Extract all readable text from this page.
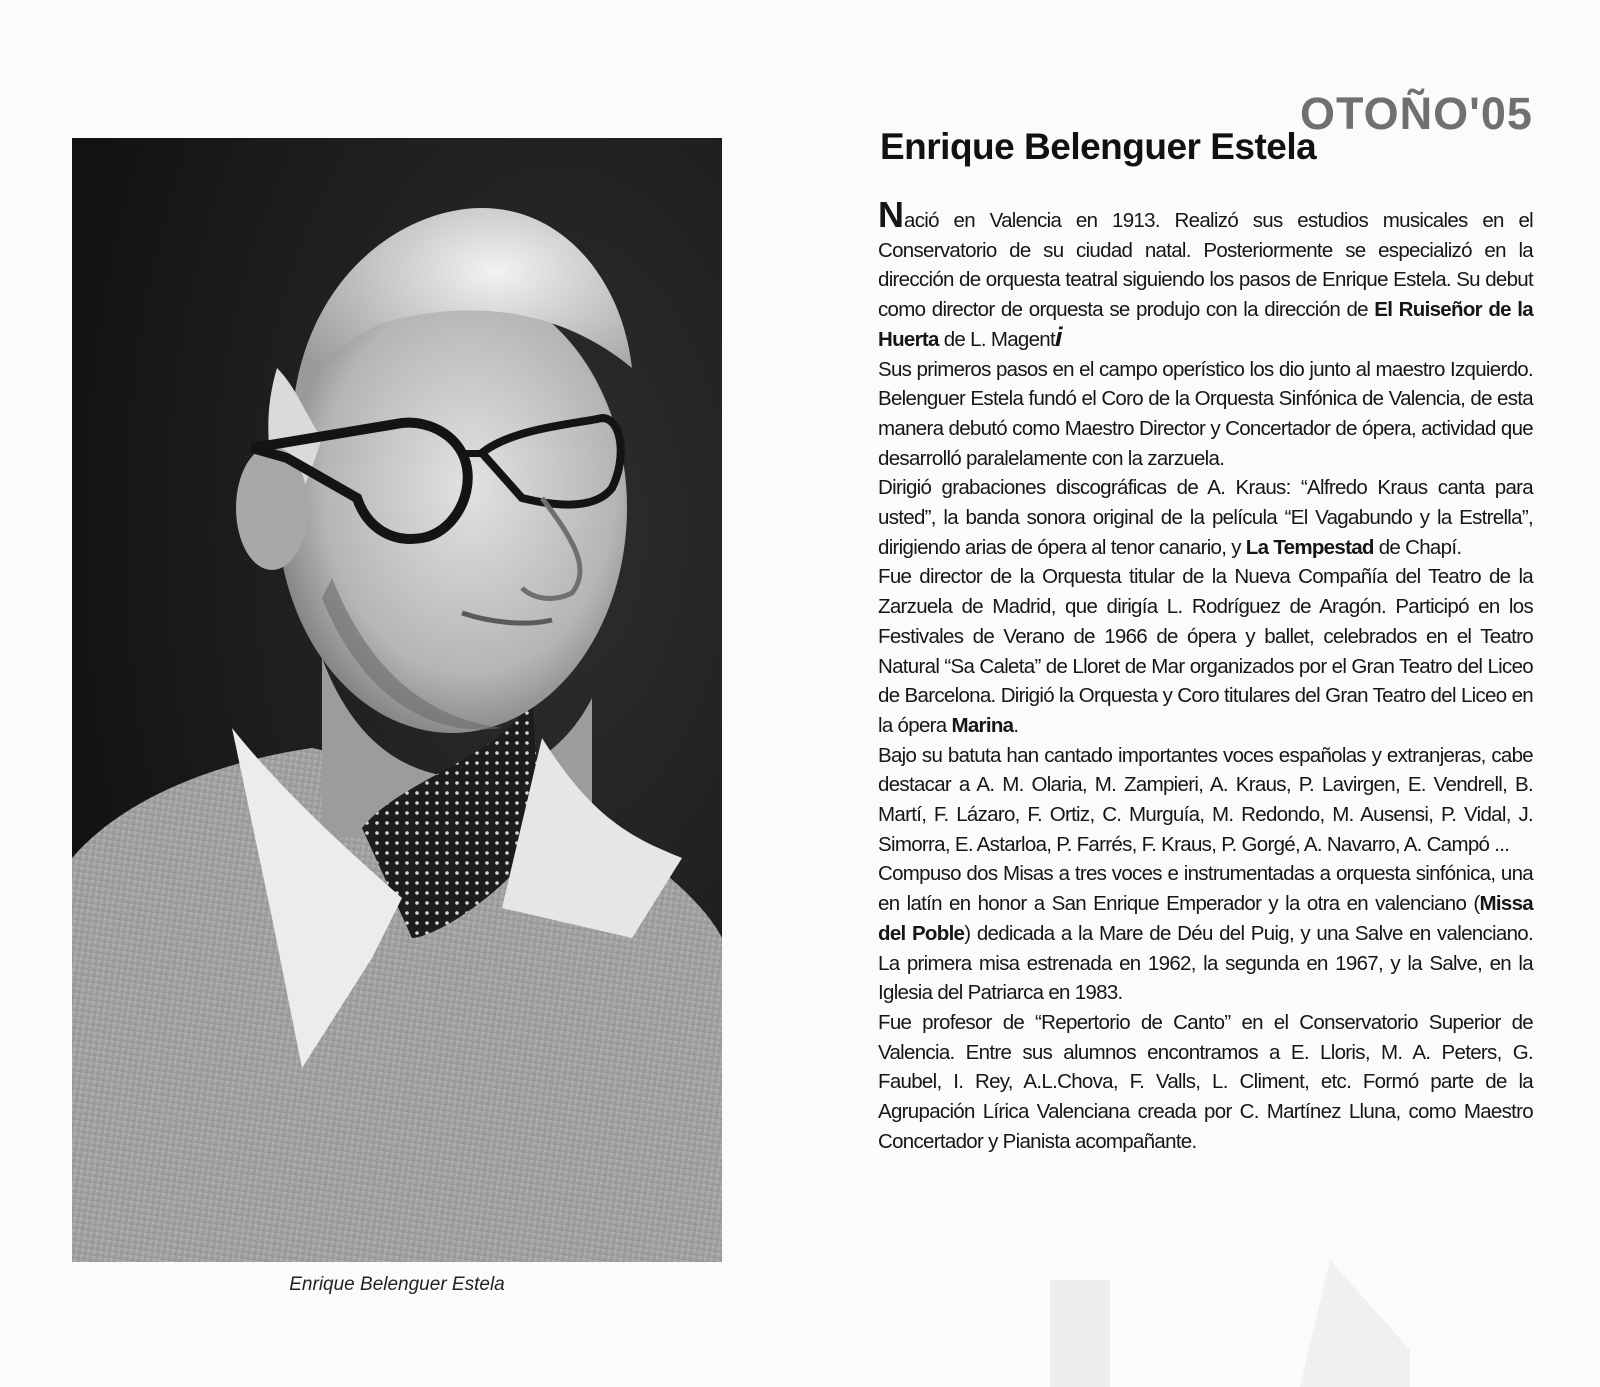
Enrique Belenguer Estela
OTOÑO'05
Enrique Belenguer Estela

Nació en Valencia en 1913. Realizó sus estudios musicales en el Conservatorio de su ciudad natal. Posteriormente se especializó en la dirección de orquesta teatral siguiendo los pasos de Enrique Estela. Su debut como director de orquesta se produjo con la dirección de El Ruiseñor de la Huerta de L. Magenti

Sus primeros pasos en el campo operístico los dio junto al maestro Izquierdo. Belenguer Estela fundó el Coro de la Orquesta Sinfónica de Valencia, de esta manera debutó como Maestro Director y Concertador de ópera, actividad que desarrolló paralelamente con la zarzuela.

Dirigió grabaciones discográficas de A. Kraus: “Alfredo Kraus canta para usted”, la banda sonora original de la película “El Vagabundo y la Estrella”, dirigiendo arias de ópera al tenor canario, y La Tempestad de Chapí.

Fue director de la Orquesta titular de la Nueva Compañía del Teatro de la Zarzuela de Madrid, que dirigía L. Rodríguez de Aragón. Participó en los Festivales de Verano de 1966 de ópera y ballet, celebrados en el Teatro Natural “Sa Caleta” de Lloret de Mar organizados por el Gran Teatro del Liceo de Barcelona. Dirigió la Orquesta y Coro titulares del Gran Teatro del Liceo en la ópera Marina.

Bajo su batuta han cantado importantes voces españolas y extranjeras, cabe destacar a A. M. Olaria, M. Zampieri, A. Kraus, P. Lavirgen, E. Vendrell, B. Martí, F. Lázaro, F. Ortiz, C. Murguía, M. Redondo, M. Ausensi, P. Vidal, J. Simorra, E. Astarloa, P. Farrés, F. Kraus, P. Gorgé, A. Navarro, A. Campó ...

Compuso dos Misas a tres voces e instrumentadas a orquesta sinfónica, una en latín en honor a San Enrique Emperador y la otra en valenciano (Missa del Poble) dedicada a la Mare de Déu del Puig, y una Salve en valenciano. La primera misa estrenada en 1962, la segunda en 1967, y la Salve, en la Iglesia del Patriarca en 1983.

Fue profesor de “Repertorio de Canto” en el Conservatorio Superior de Valencia. Entre sus alumnos encontramos a E. Lloris, M. A. Peters, G. Faubel, I. Rey, A.L.Chova, F. Valls, L. Climent, etc. Formó parte de la Agrupación Lírica Valenciana creada por C. Martínez Lluna, como Maestro Concertador y Pianista acompañante.
